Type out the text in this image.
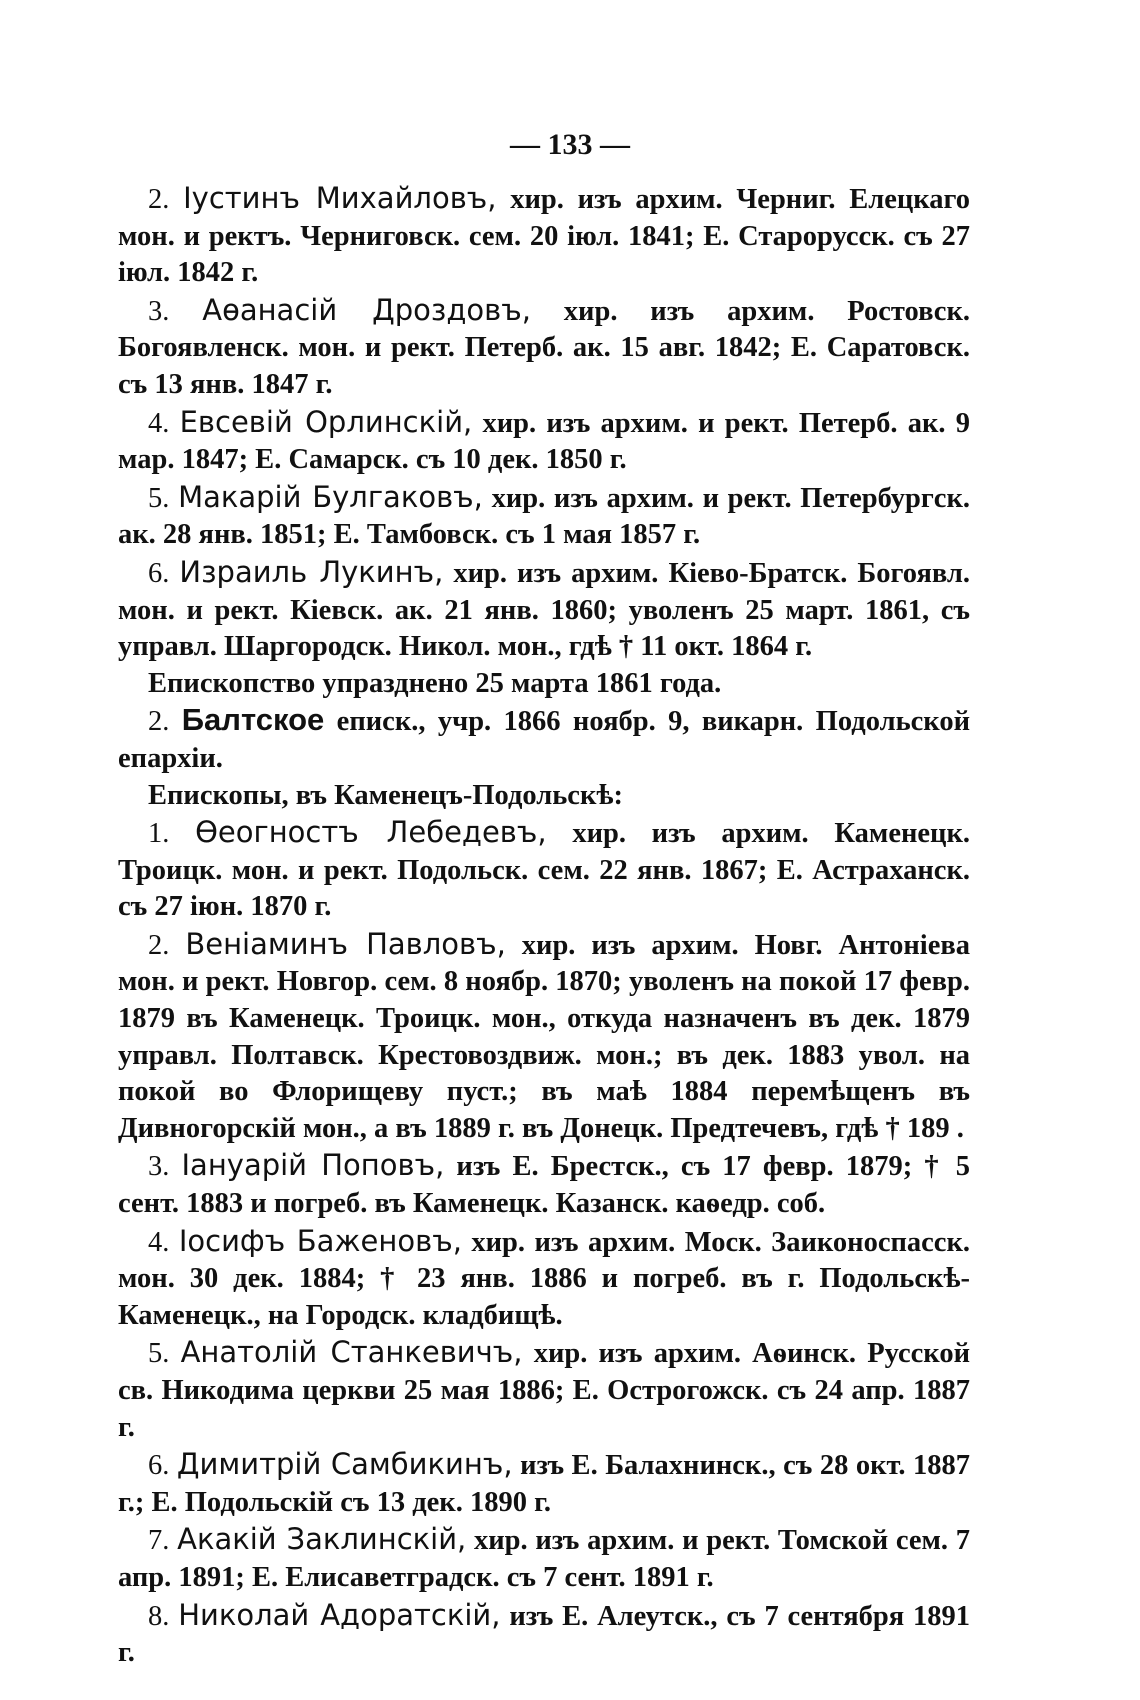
— 133 —

2. Іустинъ Михайловъ, хир. изъ архим. Черниг. Елецкаго мон. и ректъ. Черниговск. сем. 20 іюл. 1841; Е. Старорусск. съ 27 іюл. 1842 г.

3. Аѳанасій Дроздовъ, хир. изъ архим. Ростовск. Богоявленск. мон. и рект. Петерб. ак. 15 авг. 1842; Е. Саратовск. съ 13 янв. 1847 г.

4. Евсевій Орлинскій, хир. изъ архим. и рект. Петерб. ак. 9 мар. 1847; Е. Самарск. съ 10 дек. 1850 г.

5. Макарій Булгаковъ, хир. изъ архим. и рект. Петербургск. ак. 28 янв. 1851; Е. Тамбовск. съ 1 мая 1857 г.

6. Израиль Лукинъ, хир. изъ архим. Кіево-Братск. Богоявл. мон. и рект. Кіевск. ак. 21 янв. 1860; уволенъ 25 март. 1861, съ управл. Шаргородск. Никол. мон., гдѣ † 11 окт. 1864 г.

Епископство упразднено 25 марта 1861 года.

2. Балтское еписк., учр. 1866 ноябр. 9, викарн. Подольской епархіи.

Епископы, въ Каменецъ-Подольскѣ:

1. Ѳеогностъ Лебедевъ, хир. изъ архим. Каменецк. Троицк. мон. и рект. Подольск. сем. 22 янв. 1867; Е. Астраханск. съ 27 іюн. 1870 г.

2. Веніаминъ Павловъ, хир. изъ архим. Новг. Антоніева мон. и рект. Новгор. сем. 8 ноябр. 1870; уволенъ на покой 17 февр. 1879 въ Каменецк. Троицк. мон., откуда назначенъ въ дек. 1879 управл. Полтавск. Крестовоздвиж. мон.; въ дек. 1883 увол. на покой во Флорищеву пуст.; въ маѣ 1884 перемѣщенъ въ Дивногорскій мон., а въ 1889 г. въ Донецк. Предтечевъ, гдѣ † 189 .

3. Іануарій Поповъ, изъ Е. Брестск., съ 17 февр. 1879; † 5 сент. 1883 и погреб. въ Каменецк. Казанск. каѳедр. соб.

4. Іосифъ Баженовъ, хир. изъ архим. Моск. Заиконоспасск. мон. 30 дек. 1884; † 23 янв. 1886 и погреб. въ г. Подольскѣ-Каменецк., на Городск. кладбищѣ.

5. Анатолій Станкевичъ, хир. изъ архим. Аѳинск. Русской св. Никодима церкви 25 мая 1886; Е. Острогожск. съ 24 апр. 1887 г.

6. Димитрій Самбикинъ, изъ Е. Балахнинск., съ 28 окт. 1887 г.; Е. Подольскій съ 13 дек. 1890 г.

7. Акакій Заклинскій, хир. изъ архим. и рект. Томской сем. 7 апр. 1891; Е. Елисаветградск. съ 7 сент. 1891 г.

8. Николай Адоратскій, изъ Е. Алеутск., съ 7 сентября 1891 г.
